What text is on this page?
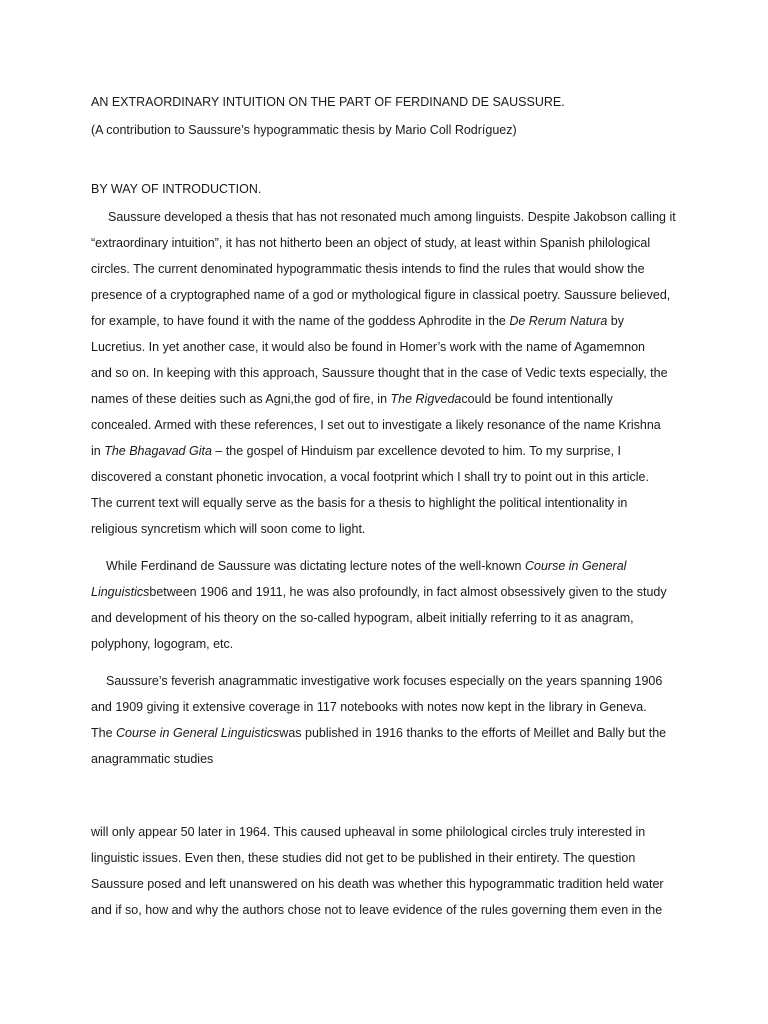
AN EXTRAORDINARY INTUITION ON THE PART OF FERDINAND DE SAUSSURE.
(A contribution to Saussure’s hypogrammatic thesis by Mario Coll Rodríguez)
BY WAY OF INTRODUCTION.
Saussure developed a thesis that has not resonated much among linguists. Despite Jakobson calling it
“extraordinary intuition”, it has not hitherto been an object of study, at least within Spanish philological
circles. The current denominated hypogrammatic thesis intends to find the rules that would show the
presence of a cryptographed name of a god or mythological figure in classical poetry. Saussure believed,
for example, to have found it with the name of the goddess Aphrodite in the De Rerum Natura by
Lucretius. In yet another case, it would also be found in Homer’s work with the name of Agamemnon
and so on. In keeping with this approach, Saussure thought that in the case of Vedic texts especially, the
names of these deities such as Agni,the god of fire, in The Rigvedacould be found intentionally
concealed. Armed with these references, I set out to investigate a likely resonance of the name Krishna
in The Bhagavad Gita – the gospel of Hinduism par excellence devoted to him. To my surprise, I
discovered a constant phonetic invocation, a vocal footprint which I shall try to point out in this article.
The current text will equally serve as the basis for a thesis to highlight the political intentionality in
religious syncretism which will soon come to light.
While Ferdinand de Saussure was dictating lecture notes of the well-known Course in General
Linguisticsbetween 1906 and 1911, he was also profoundly, in fact almost obsessively given to the study
and development of his theory on the so-called hypogram, albeit initially referring to it as anagram,
polyphony, logogram, etc.
Saussure’s feverish anagrammatic investigative work focuses especially on the years spanning 1906
and 1909 giving it extensive coverage in 117 notebooks with notes now kept in the library in Geneva.
The Course in General Linguisticswas published in 1916 thanks to the efforts of Meillet and Bally but the
anagrammatic studies
will only appear 50 later in 1964. This caused upheaval in some philological circles truly interested in
linguistic issues. Even then, these studies did not get to be published in their entirety. The question
Saussure posed and left unanswered on his death was whether this hypogrammatic tradition held water
and if so, how and why the authors chose not to leave evidence of the rules governing them even in the
